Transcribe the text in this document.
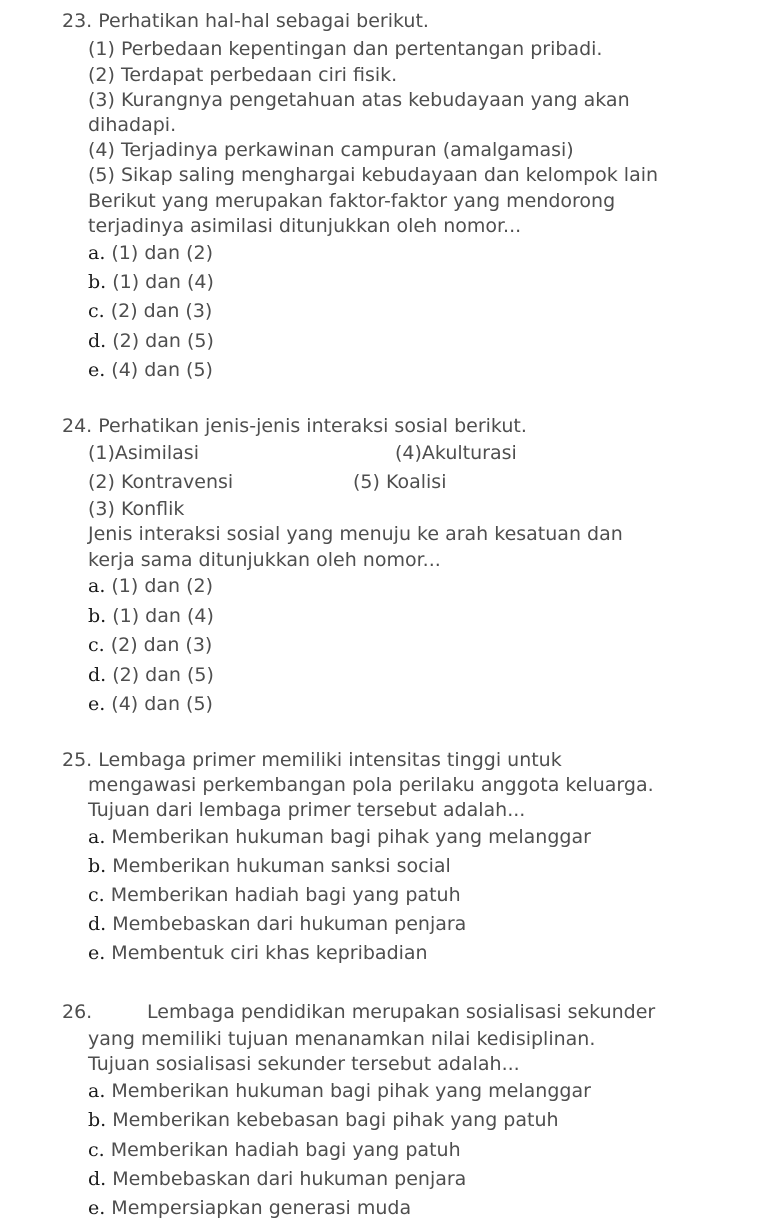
23. Perhatikan hal-hal sebagai berikut.
(1) Perbedaan kepentingan dan pertentangan pribadi.
(2) Terdapat perbedaan ciri fisik.
(3) Kurangnya pengetahuan atas kebudayaan yang akan
dihadapi.
(4) Terjadinya perkawinan campuran (amalgamasi)
(5) Sikap saling menghargai kebudayaan dan kelompok lain
Berikut yang merupakan faktor-faktor yang mendorong
terjadinya asimilasi ditunjukkan oleh nomor...
a. (1) dan (2)
b. (1) dan (4)
c. (2) dan (3)
d. (2) dan (5)
e. (4) dan (5)
24. Perhatikan jenis-jenis interaksi sosial berikut.
(1)Asimilasi	(4)Akulturasi
(2) Kontravensi	(5) Koalisi
(3) Konflik
Jenis interaksi sosial yang menuju ke arah kesatuan dan
kerja sama ditunjukkan oleh nomor...
a. (1) dan (2)
b. (1) dan (4)
c. (2) dan (3)
d. (2) dan (5)
e. (4) dan (5)
25. Lembaga primer memiliki intensitas tinggi untuk
mengawasi perkembangan pola perilaku anggota keluarga.
Tujuan dari lembaga primer tersebut adalah...
a. Memberikan hukuman bagi pihak yang melanggar
b. Memberikan hukuman sanksi social
c. Memberikan hadiah bagi yang patuh
d. Membebaskan dari hukuman penjara
e. Membentuk ciri khas kepribadian
26.	Lembaga pendidikan merupakan sosialisasi sekunder
yang memiliki tujuan menanamkan nilai kedisiplinan.
Tujuan sosialisasi sekunder tersebut adalah...
a. Memberikan hukuman bagi pihak yang melanggar
b. Memberikan kebebasan bagi pihak yang patuh
c. Memberikan hadiah bagi yang patuh
d. Membebaskan dari hukuman penjara
e. Mempersiapkan generasi muda
